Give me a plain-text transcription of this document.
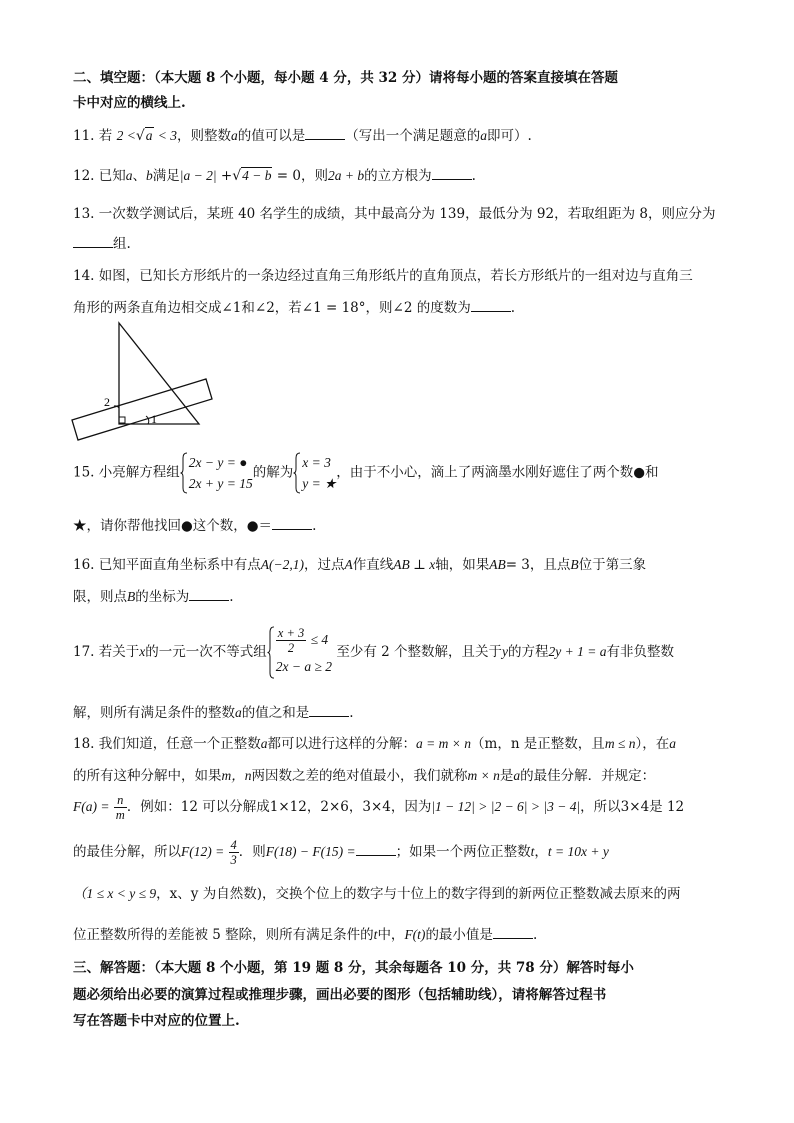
二、填空题：（本大题 8 个小题，每小题 4 分，共 32 分）请将每小题的答案直接填在答题
卡中对应的横线上.
11. 若 2 <√a < 3，则整数a的值可以是	（写出一个满足题意的a即可）.
12. 已知a、b满足|a − 2| +√4 − b = 0，则2a + b的立方根为	.
13. 一次数学测试后，某班 40 名学生的成绩，其中最高分为 139，最低分为 92，若取组距为 8，则应分为
组.
14. 如图，已知长方形纸片的一条边经过直角三角形纸片的直角顶点，若长方形纸片的一组对边与直角三
角形的两条直角边相交成∠1和∠2，若∠1 = 18°，则∠2 的度数为	.
1
2
15. 小亮解方程组
2x − y = ●
2x + y = 15
的解为
x = 3
y = ★
，由于不小心，滴上了两滴墨水刚好遮住了两个数●和
★，请你帮他找回●这个数，●＝	.
16. 已知平面直角坐标系中有点A(−2,1)，过点A作直线AB ⊥ x轴，如果AB= 3，且点B位于第三象
限，则点B的坐标为	.
17. 若关于x的一元一次不等式组 $\frac{x + 3}{2} \le 4$
2x − a ≥ 2
至少有 2 个整数解，且关于y的方程2y + 1 = a有非负整数
解，则所有满足条件的整数a的值之和是	.
18. 我们知道，任意一个正整数a都可以进行这样的分解：a = m × n（m，n 是正整数，且m ≤ n），在a
的所有这种分解中，如果m，n两因数之差的绝对值最小，我们就称m × n是a的最佳分解．并规定：
$F(a) = \frac{n}{m}$ ．例如：12 可以分解成1×12，2×6，3×4，因为|1 − 12| > |2 − 6| > |3 − 4|，所以3×4是 12
的最佳分解，所以$F(12) = \frac{4}{3}$ ．则F(18) − F(15) =	；如果一个两位正整数t，t = 10x + y
（1 ≤ x < y ≤ 9，x、y 为自然数)，交换个位上的数字与十位上的数字得到的新两位正整数减去原来的两
位正整数所得的差能被 5 整除，则所有满足条件的t中，F(t)的最小值是	.
三、解答题：（本大题 8 个小题，第 19 题 8 分，其余每题各 10 分，共 78 分）解答时每小
题必须给出必要的演算过程或推理步骤，画出必要的图形（包括辅助线），请将解答过程书
写在答题卡中对应的位置上.
